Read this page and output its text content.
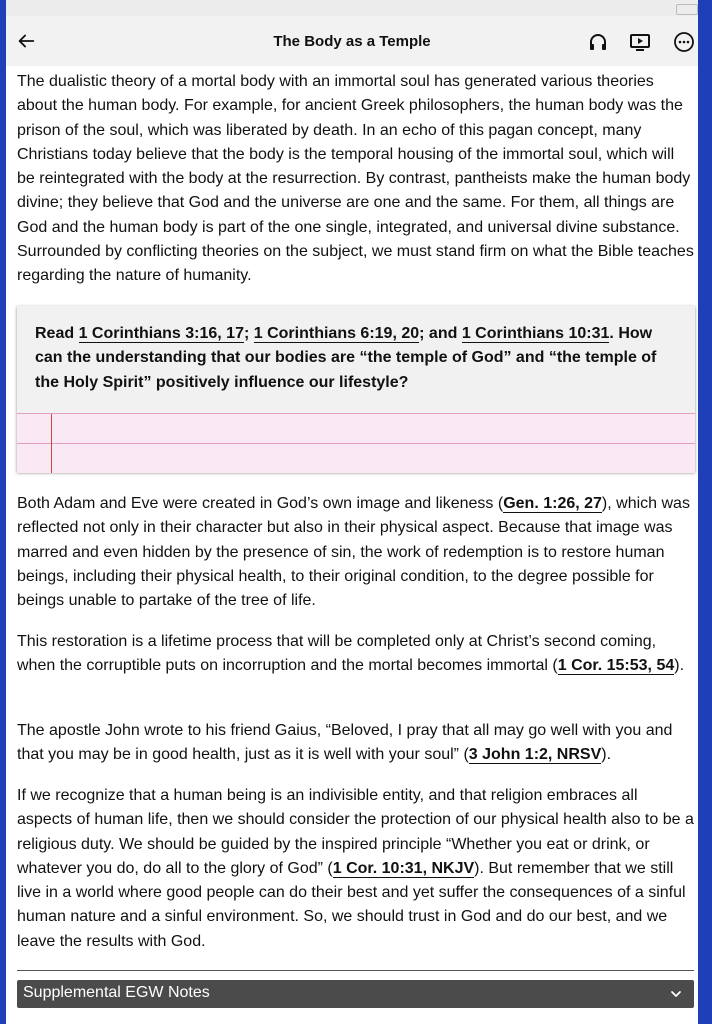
The Body as a Temple

The dualistic theory of a mortal body with an immortal soul has generated various theories about the human body. For example, for ancient Greek philosophers, the human body was the prison of the soul, which was liberated by death. In an echo of this pagan concept, many Christians today believe that the body is the temporal housing of the immortal soul, which will be reintegrated with the body at the resurrection. By contrast, pantheists make the human body divine; they believe that God and the universe are one and the same. For them, all things are God and the human body is part of the one single, integrated, and universal divine substance. Surrounded by conflicting theories on the subject, we must stand firm on what the Bible teaches regarding the nature of humanity.

Read 1 Corinthians 3:16, 17; 1 Corinthians 6:19, 20; and 1 Corinthians 10:31. How can the understanding that our bodies are “the temple of God” and “the temple of the Holy Spirit” positively influence our lifestyle?

Both Adam and Eve were created in God’s own image and likeness (Gen. 1:26, 27), which was reflected not only in their character but also in their physical aspect. Because that image was marred and even hidden by the presence of sin, the work of redemption is to restore human beings, including their physical health, to their original condition, to the degree possible for beings unable to partake of the tree of life.

This restoration is a lifetime process that will be completed only at Christ’s second coming, when the corruptible puts on incorruption and the mortal becomes immortal (1 Cor. 15:53, 54).

The apostle John wrote to his friend Gaius, “Beloved, I pray that all may go well with you and that you may be in good health, just as it is well with your soul” (3 John 1:2, NRSV).

If we recognize that a human being is an indivisible entity, and that religion embraces all aspects of human life, then we should consider the protection of our physical health also to be a religious duty. We should be guided by the inspired principle “Whether you eat or drink, or whatever you do, do all to the glory of God” (1 Cor. 10:31, NKJV). But remember that we still live in a world where good people can do their best and yet suffer the consequences of a sinful human nature and a sinful environment. So, we should trust in God and do our best, and we leave the results with God.

Supplemental EGW Notes
